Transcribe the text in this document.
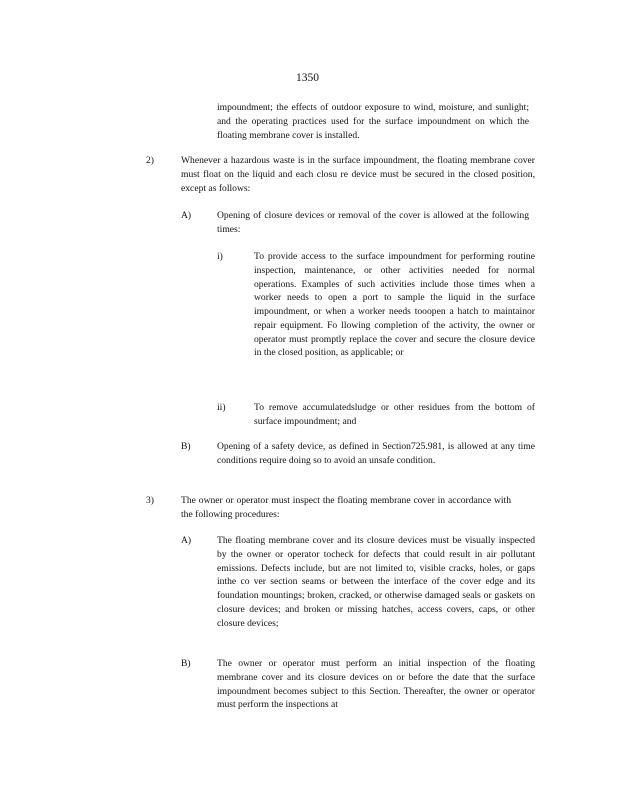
1350
impoundment; the effects of outdoor exposure to wind, moisture, and sunlight; and the operating practices used for the surface impoundment on which the floating membrane cover is installed.
2)	Whenever a hazardous waste is in the surface impoundment, the floating membrane cover must float on the liquid and each closu re device must be secured in the closed position, except as follows:
A)	Opening of closure devices or removal of the cover is allowed at the following times:
i)	To provide access to the surface impoundment for performing routine inspection, maintenance, or other activities needed for normal operations. Examples of such activities include those times when a worker needs to open a port to sample the liquid in the surface impoundment, or when a worker needs tooopen a hatch to maintainor repair equipment. Fo llowing completion of the activity, the owner or operator must promptly replace the cover and secure the closure device in the closed position, as applicable; or
ii)	To remove accumulatedsludge or other residues from the bottom of surface impoundment; and
B)	Opening of a safety device, as defined in Section725.981, is allowed at any time conditions require doing so to avoid an unsafe condition.
3)	The owner or operator must inspect the floating membrane cover in accordance with the following procedures:
A)	The floating membrane cover and its closure devices must be visually inspected by the owner or operator tocheck for defects that could result in air pollutant emissions. Defects include, but are not limited to, visible cracks, holes, or gaps inthe co ver section seams or between the interface of the cover edge and its foundation mountings; broken, cracked, or otherwise damaged seals or gaskets on closure devices; and broken or missing hatches, access covers, caps, or other closure devices;
B)	The owner or operator must perform an initial inspection of the floating membrane cover and its closure devices on or before the date that the surface impoundment becomes subject to this Section. Thereafter, the owner or operator must perform the inspections at
